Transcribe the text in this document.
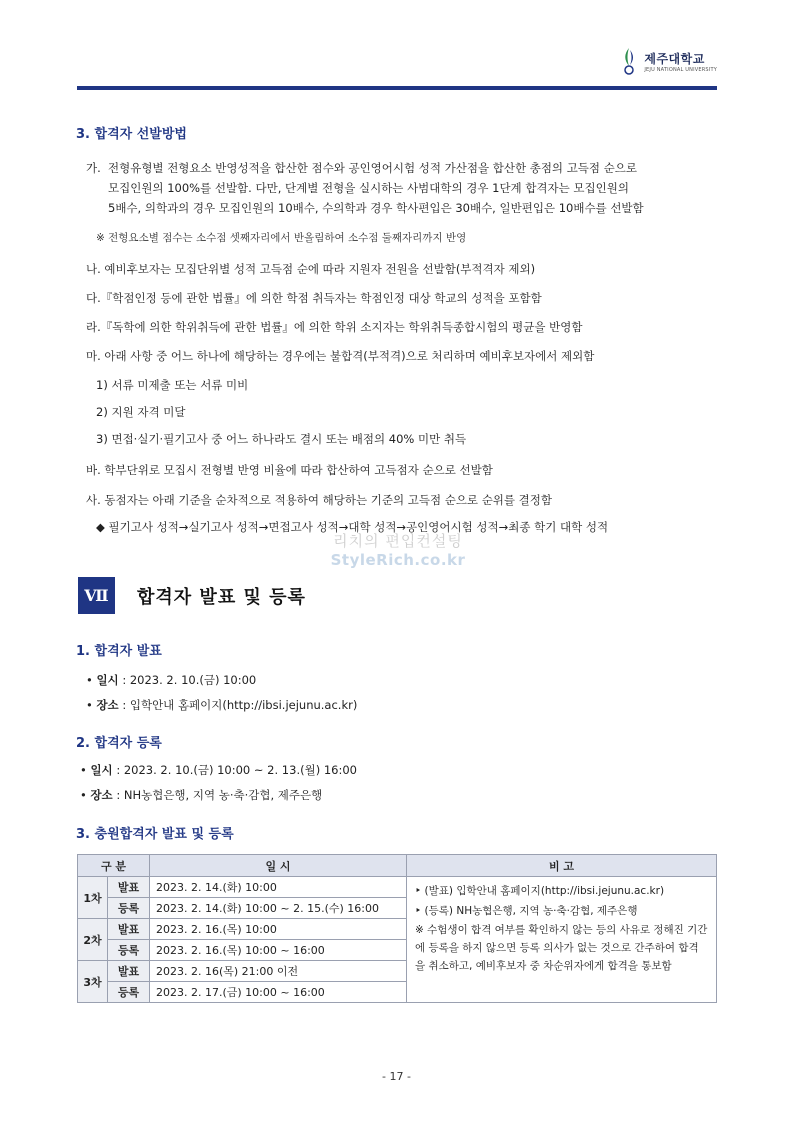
제주대학교
JEJU NATIONAL UNIVERSITY
3. 합격자 선발방법
가. 전형유형별 전형요소 반영성적을 합산한 점수와 공인영어시험 성적 가산점을 합산한 총점의 고득점 순으로
모집인원의 100%를 선발함. 다만, 단계별 전형을 실시하는 사범대학의 경우 1단계 합격자는 모집인원의
5배수, 의학과의 경우 모집인원의 10배수, 수의학과 경우 학사편입은 30배수, 일반편입은 10배수를 선발함
※ 전형요소별 점수는 소수점 셋째자리에서 반올림하여 소수점 둘째자리까지 반영
나. 예비후보자는 모집단위별 성적 고득점 순에 따라 지원자 전원을 선발함(부적격자 제외)
다.『학점인정 등에 관한 법률』에 의한 학점 취득자는 학점인정 대상 학교의 성적을 포함함
라.『독학에 의한 학위취득에 관한 법률』에 의한 학위 소지자는 학위취득종합시험의 평균을 반영함
마. 아래 사항 중 어느 하나에 해당하는 경우에는 불합격(부적격)으로 처리하며 예비후보자에서 제외함
1) 서류 미제출 또는 서류 미비
2) 지원 자격 미달
3) 면접·실기·필기고사 중 어느 하나라도 결시 또는 배점의 40% 미만 취득
바. 학부단위로 모집시 전형별 반영 비율에 따라 합산하여 고득점자 순으로 선발함
사. 동점자는 아래 기준을 순차적으로 적용하여 해당하는 기준의 고득점 순으로 순위를 결정함
◆ 필기고사 성적→실기고사 성적→면접고사 성적→대학 성적→공인영어시험 성적→최종 학기 대학 성적
리치의 편입컨설팅
StyleRich.co.kr
Ⅶ	합격자 발표 및 등록
1. 합격자 발표
• 일시 : 2023. 2. 10.(금) 10:00
• 장소 : 입학안내 홈페이지(http://ibsi.jejunu.ac.kr)
2. 합격자 등록
• 일시 : 2023. 2. 10.(금) 10:00 ~ 2. 13.(월) 16:00
• 장소 : NH농협은행, 지역 농·축·감협, 제주은행
3. 충원합격자 발표 및 등록
구 분		일 시	비 고
1차	발표	2023. 2. 14.(화) 10:00	‣ (발표) 입학안내 홈페이지(http://ibsi.jejunu.ac.kr)
‣ (등록) NH농협은행, 지역 농·축·감협, 제주은행
※ 수험생이 합격 여부를 확인하지 않는 등의 사유로 정해진 기간에 등록을 하지 않으면 등록 의사가 없는 것으로 간주하여 합격을 취소하고, 예비후보자 중 차순위자에게 합격을 통보함

	등록	2023. 2. 14.(화) 10:00 ~ 2. 15.(수) 16:00	
2차	발표	2023. 2. 16.(목) 10:00	
	등록	2023. 2. 16.(목) 10:00 ~ 16:00	
3차	발표	2023. 2. 16(목) 21:00 이전	
	등록	2023. 2. 17.(금) 10:00 ~ 16:00	
- 17 -
